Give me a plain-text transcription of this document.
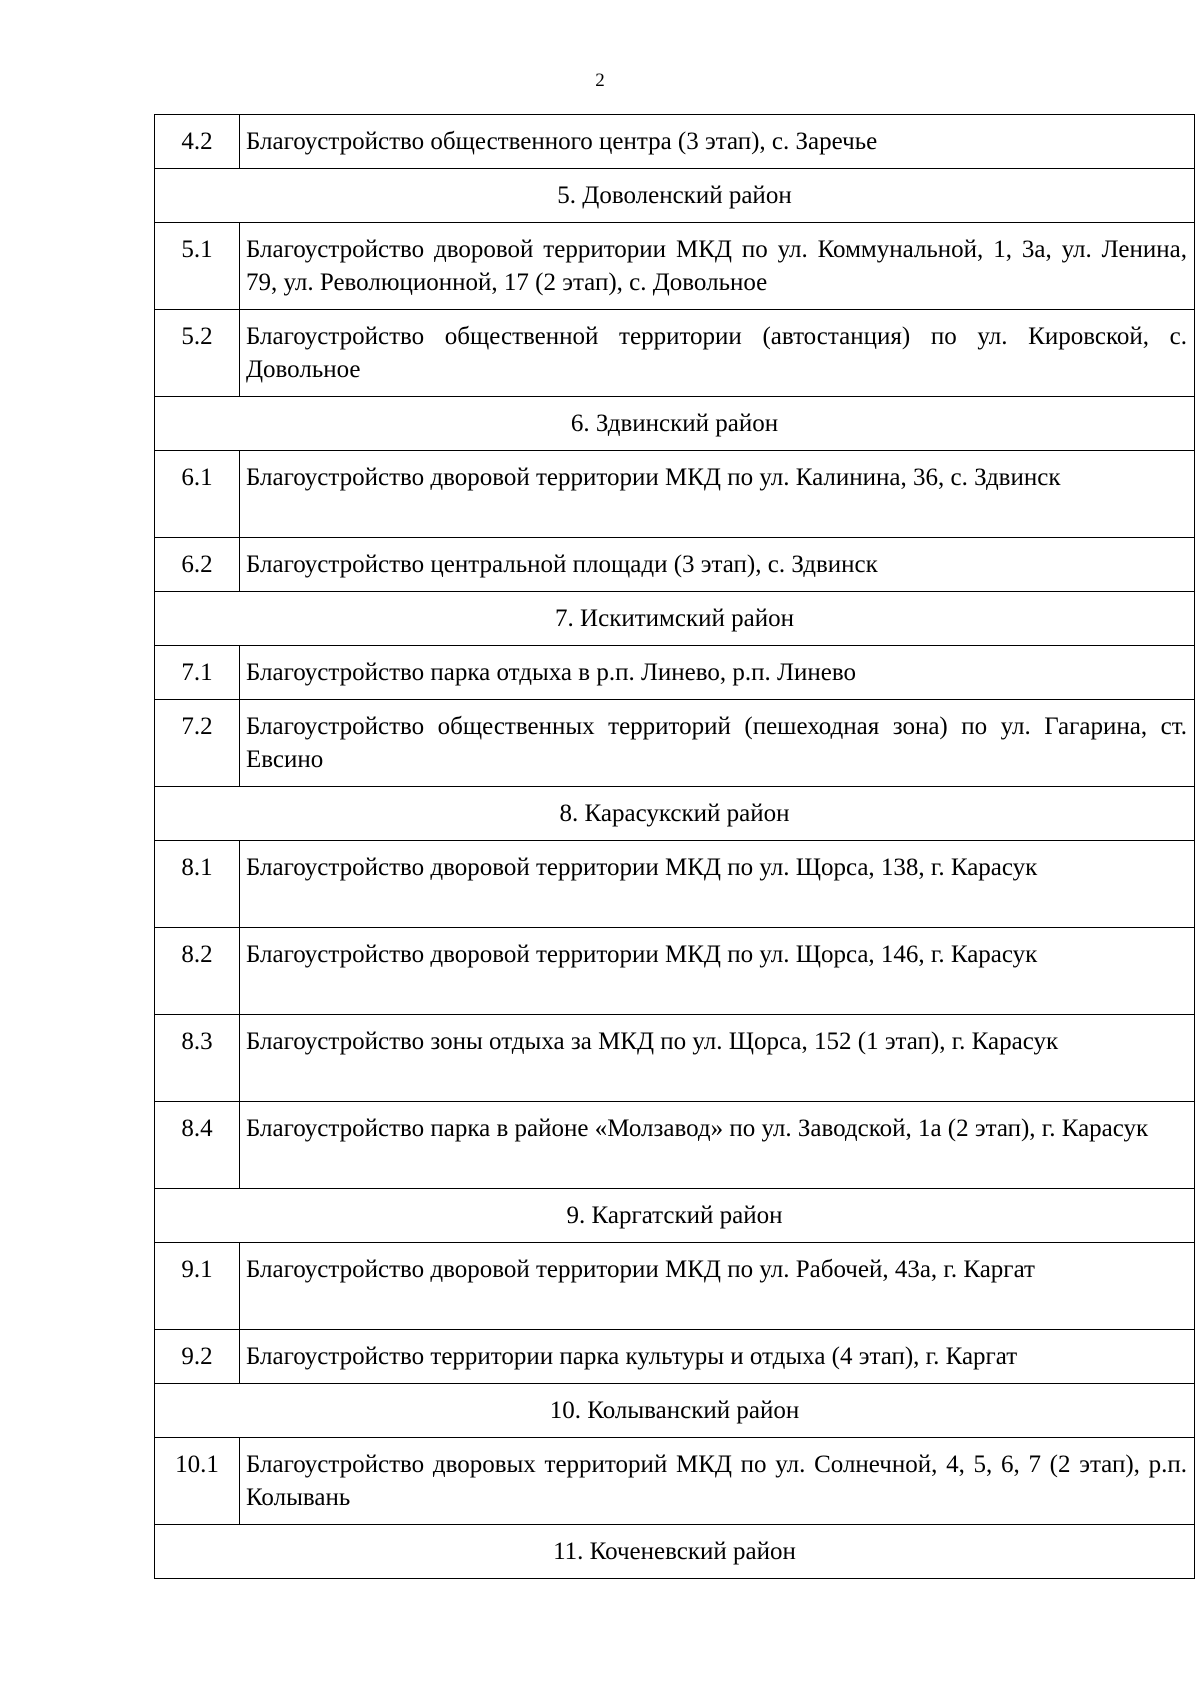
2
4.2	Благоустройство общественного центра (3 этап), с. Заречье
5. Доволенский район	
5.1	Благоустройство дворовой территории МКД по ул. Коммунальной, 1, 3а, ул. Ленина, 79, ул. Революционной, 17 (2 этап), с. Довольное
5.2	Благоустройство общественной территории (автостанция) по ул. Кировской, с. Довольное
6. Здвинский район	
6.1	Благоустройство дворовой территории МКД по ул. Калинина, 36, с. Здвинск
6.2	Благоустройство центральной площади (3 этап), с. Здвинск
7. Искитимский район	
7.1	Благоустройство парка отдыха в р.п. Линево, р.п. Линево
7.2	Благоустройство общественных территорий (пешеходная зона) по ул. Гагарина, ст. Евсино
8. Карасукский район	
8.1	Благоустройство дворовой территории МКД по ул. Щорса, 138, г. Карасук
8.2	Благоустройство дворовой территории МКД по ул. Щорса, 146, г. Карасук
8.3	Благоустройство зоны отдыха за МКД по ул. Щорса, 152 (1 этап), г. Карасук
8.4	Благоустройство парка в районе «Молзавод» по ул. Заводской, 1а (2 этап), г. Карасук
9. Каргатский район	
9.1	Благоустройство дворовой территории МКД по ул. Рабочей, 43а, г. Каргат
9.2	Благоустройство территории парка культуры и отдыха (4 этап), г. Каргат
10. Колыванский район	
10.1	Благоустройство дворовых территорий МКД по ул. Солнечной, 4, 5, 6, 7 (2 этап), р.п. Колывань
11. Коченевский район	
